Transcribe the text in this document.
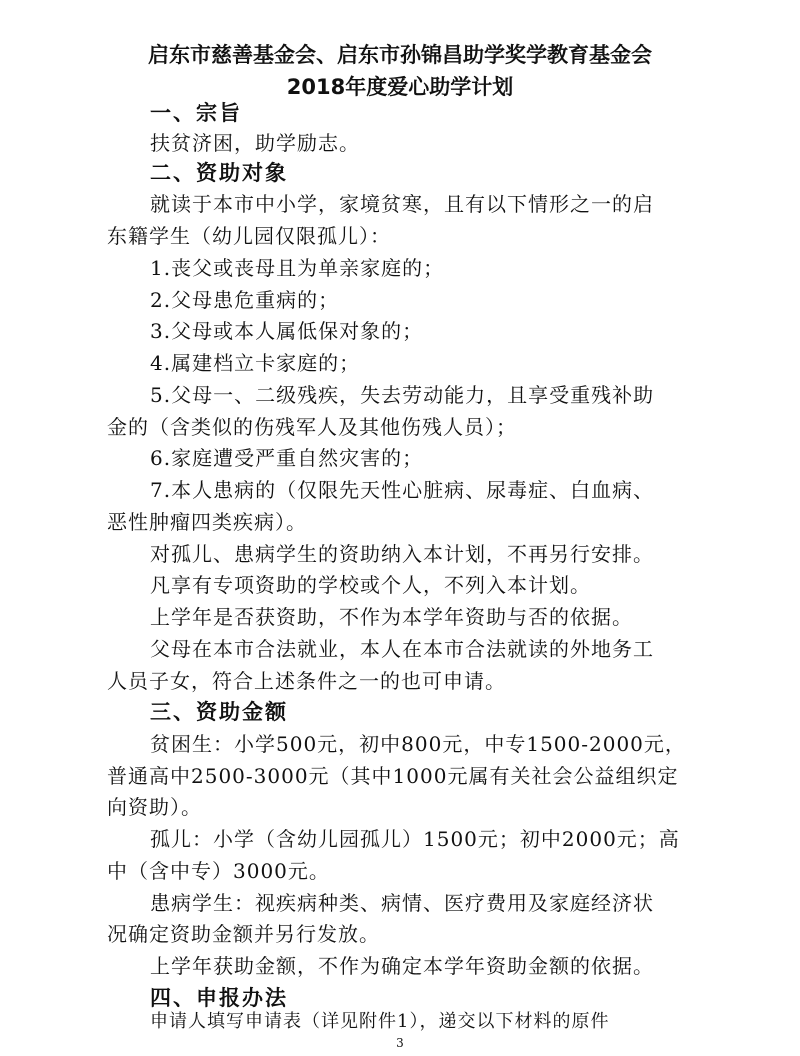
启东市慈善基金会、启东市孙锦昌助学奖学教育基金会
2018年度爱心助学计划
一、宗旨
扶贫济困，助学励志。
二、资助对象
就读于本市中小学，家境贫寒，且有以下情形之一的启
东籍学生（幼儿园仅限孤儿）：
1.丧父或丧母且为单亲家庭的；
2.父母患危重病的；
3.父母或本人属低保对象的；
4.属建档立卡家庭的；
5.父母一、二级残疾，失去劳动能力，且享受重残补助
金的（含类似的伤残军人及其他伤残人员）；
6.家庭遭受严重自然灾害的；
7.本人患病的（仅限先天性心脏病、尿毒症、白血病、
恶性肿瘤四类疾病）。
对孤儿、患病学生的资助纳入本计划，不再另行安排。
凡享有专项资助的学校或个人，不列入本计划。
上学年是否获资助，不作为本学年资助与否的依据。
父母在本市合法就业，本人在本市合法就读的外地务工
人员子女，符合上述条件之一的也可申请。
三、资助金额
贫困生：小学500元，初中800元，中专1500-2000元，
普通高中2500-3000元（其中1000元属有关社会公益组织定
向资助）。
孤儿：小学（含幼儿园孤儿）1500元；初中2000元；高
中（含中专）3000元。
患病学生：视疾病种类、病情、医疗费用及家庭经济状
况确定资助金额并另行发放。
上学年获助金额，不作为确定本学年资助金额的依据。
四、申报办法
申请人填写申请表（详见附件1），递交以下材料的原件
3
